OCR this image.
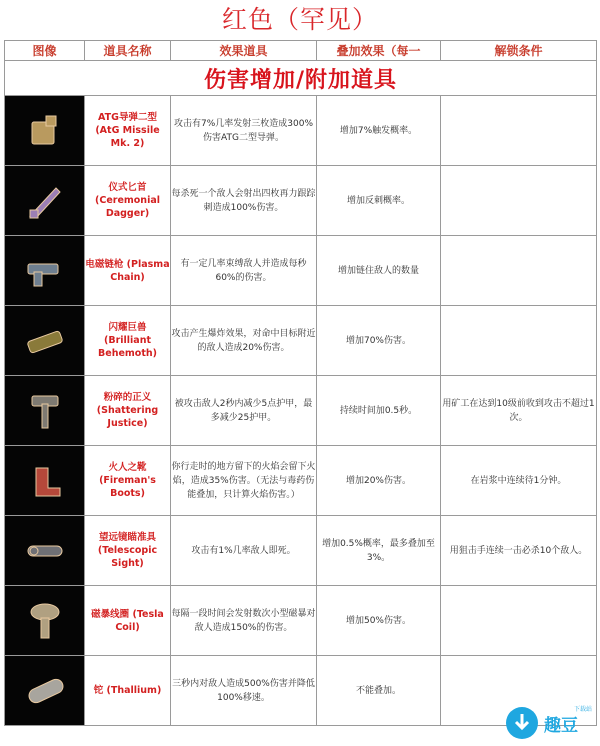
红色（罕见）
图像	道具名称	效果道具	叠加效果（每一	解锁条件
伤害增加/附加道具				

	ATG导弹二型 (AtG Missile Mk. 2)	攻击有7%几率发射三枚造成300%伤害ATG二型导弹。	增加7%触发概率。	

	仪式匕首 (Ceremonial Dagger)	每杀死一个敌人会射出四枚再力跟踪刺造成100%伤害。	增加反刺概率。	

	电磁链枪 (Plasma Chain)	有一定几率束缚敌人并造成每秒60%的伤害。	增加链住敌人的数量	

	闪耀巨兽 (Brilliant Behemoth)	攻击产生爆炸效果，对命中目标附近的敌人造成20%伤害。	增加70%伤害。	

	粉碎的正义 (Shattering Justice)	被攻击敌人2秒内减少5点护甲，最多减少25护甲。	持续时间加0.5秒。	用矿工在达到10级前收到攻击不超过1次。

	火人之靴 (Fireman's Boots)	你行走时的地方留下的火焰会留下火焰，造成35%伤害。（无法与毒药伤能叠加，只计算火焰伤害。）	增加20%伤害。	在岩浆中连续待1分钟。

	望远镜瞄准具 (Telescopic Sight)	攻击有1%几率敌人即死。	增加0.5%概率，最多叠加至3%。	用狙击手连续一击必杀10个敌人。

	磁暴线圈 (Tesla Coil)	每隔一段时间会发射数次小型磁暴对敌人造成150%的伤害。	增加50%伤害。	

	铊 (Thallium)	三秒内对敌人造成500%伤害并降低100%移速。	不能叠加。	
趣豆
下载站
